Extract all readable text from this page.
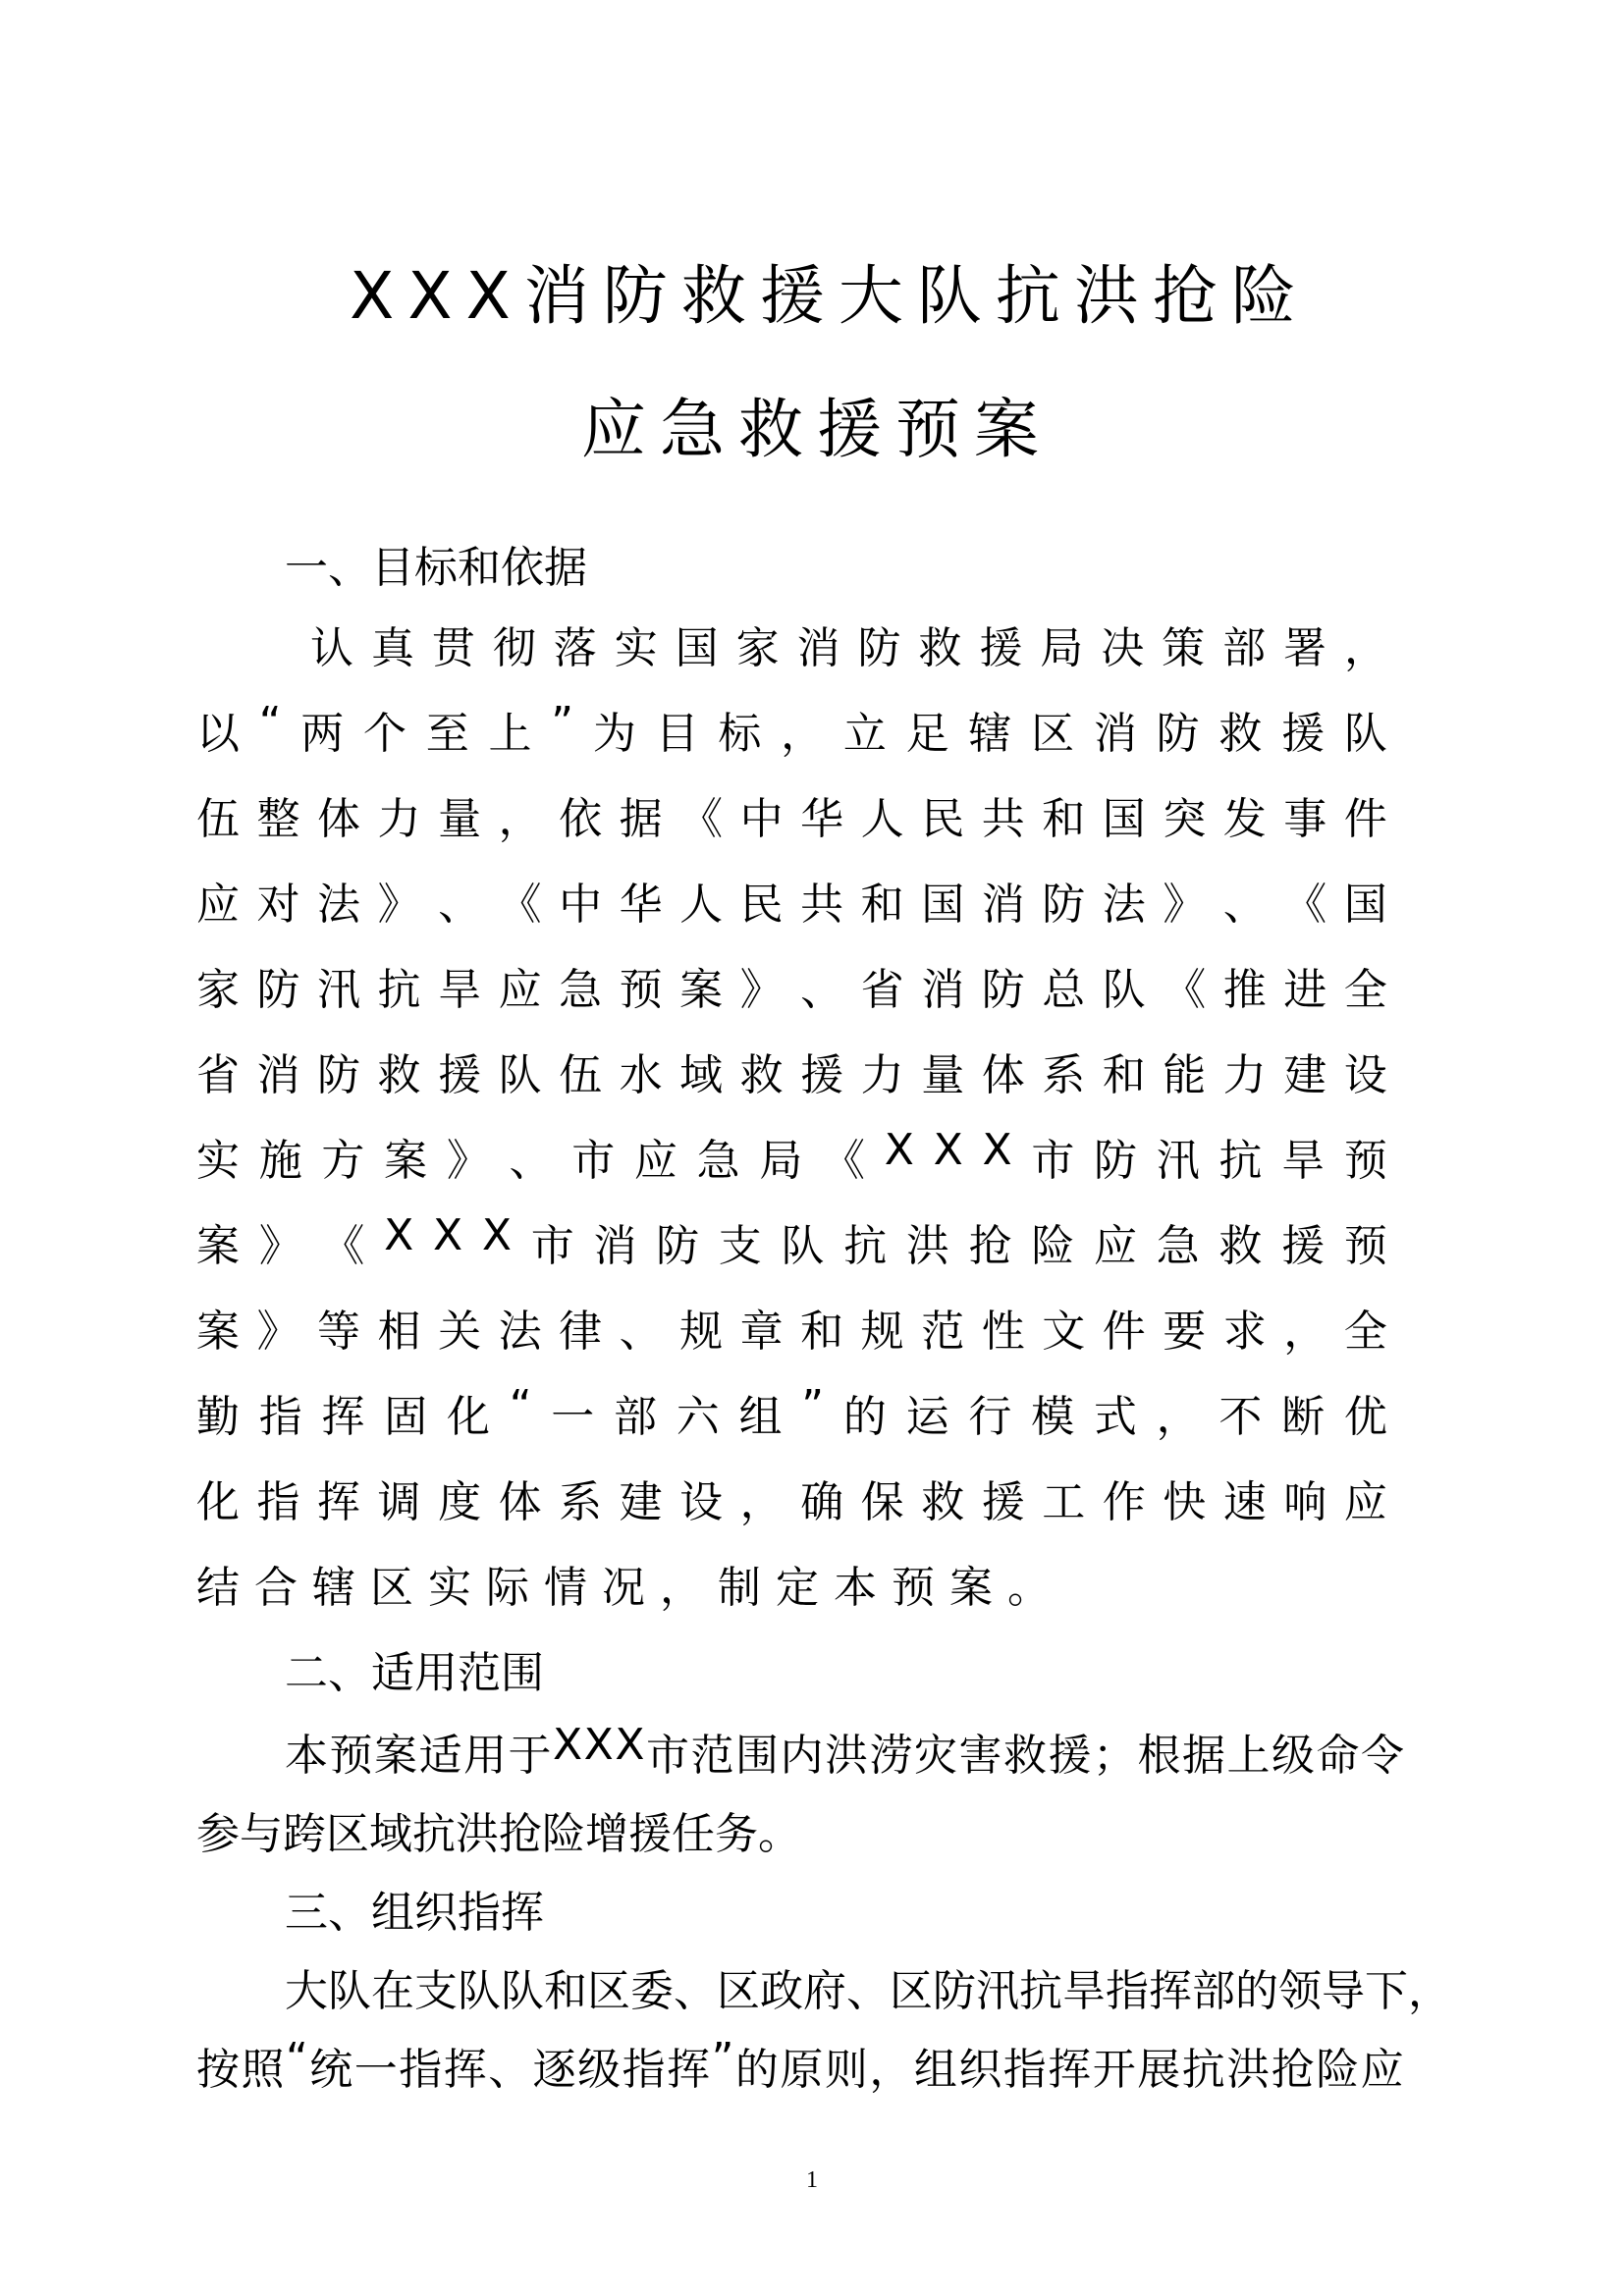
XXX消防救援大队抗洪抢险
应急救援预案
一、目标和依据
认 真 贯 彻 落 实 国 家 消 防 救 援 局 决 策 部 署 ，
以 “ 两 个 至 上 ” 为 目 标 ， 立 足 辖 区 消 防 救 援 队
伍 整 体 力 量 ， 依 据 《 中 华 人 民 共 和 国 突 发 事 件
应 对 法 》 、 《 中 华 人 民 共 和 国 消 防 法 》 、 《 国
家 防 汛 抗 旱 应 急 预 案 》 、 省 消 防 总 队 《 推 进 全
省 消 防 救 援 队 伍 水 域 救 援 力 量 体 系 和 能 力 建 设
实 施 方 案 》 、 市 应 急 局 《 X X X 市 防 汛 抗 旱 预
案 》 《 X X X 市 消 防 支 队 抗 洪 抢 险 应 急 救 援 预
案 》 等 相 关 法 律 、 规 章 和 规 范 性 文 件 要 求 ， 全
勤 指 挥 固 化 “ 一 部 六 组 ” 的 运 行 模 式 ， 不 断 优
化 指 挥 调 度 体 系 建 设 ， 确 保 救 援 工 作 快 速 响 应
结合辖区实际情况，制定本预案。
二、适用范围
本 预 案 适 用 于 X X X 市 范 围 内 洪 涝 灾 害 救 援 ； 根 据 上 级 命 令
参与跨区域抗洪抢险增援任务。
三、组织指挥
大 队 在 支 队 队 和 区 委 、 区 政 府 、 区 防 汛 抗 旱 指 挥 部 的 领 导 下 ，
按 照 “ 统 一 指 挥 、 逐 级 指 挥 ” 的 原 则 ， 组 织 指 挥 开 展 抗 洪 抢 险 应
1
